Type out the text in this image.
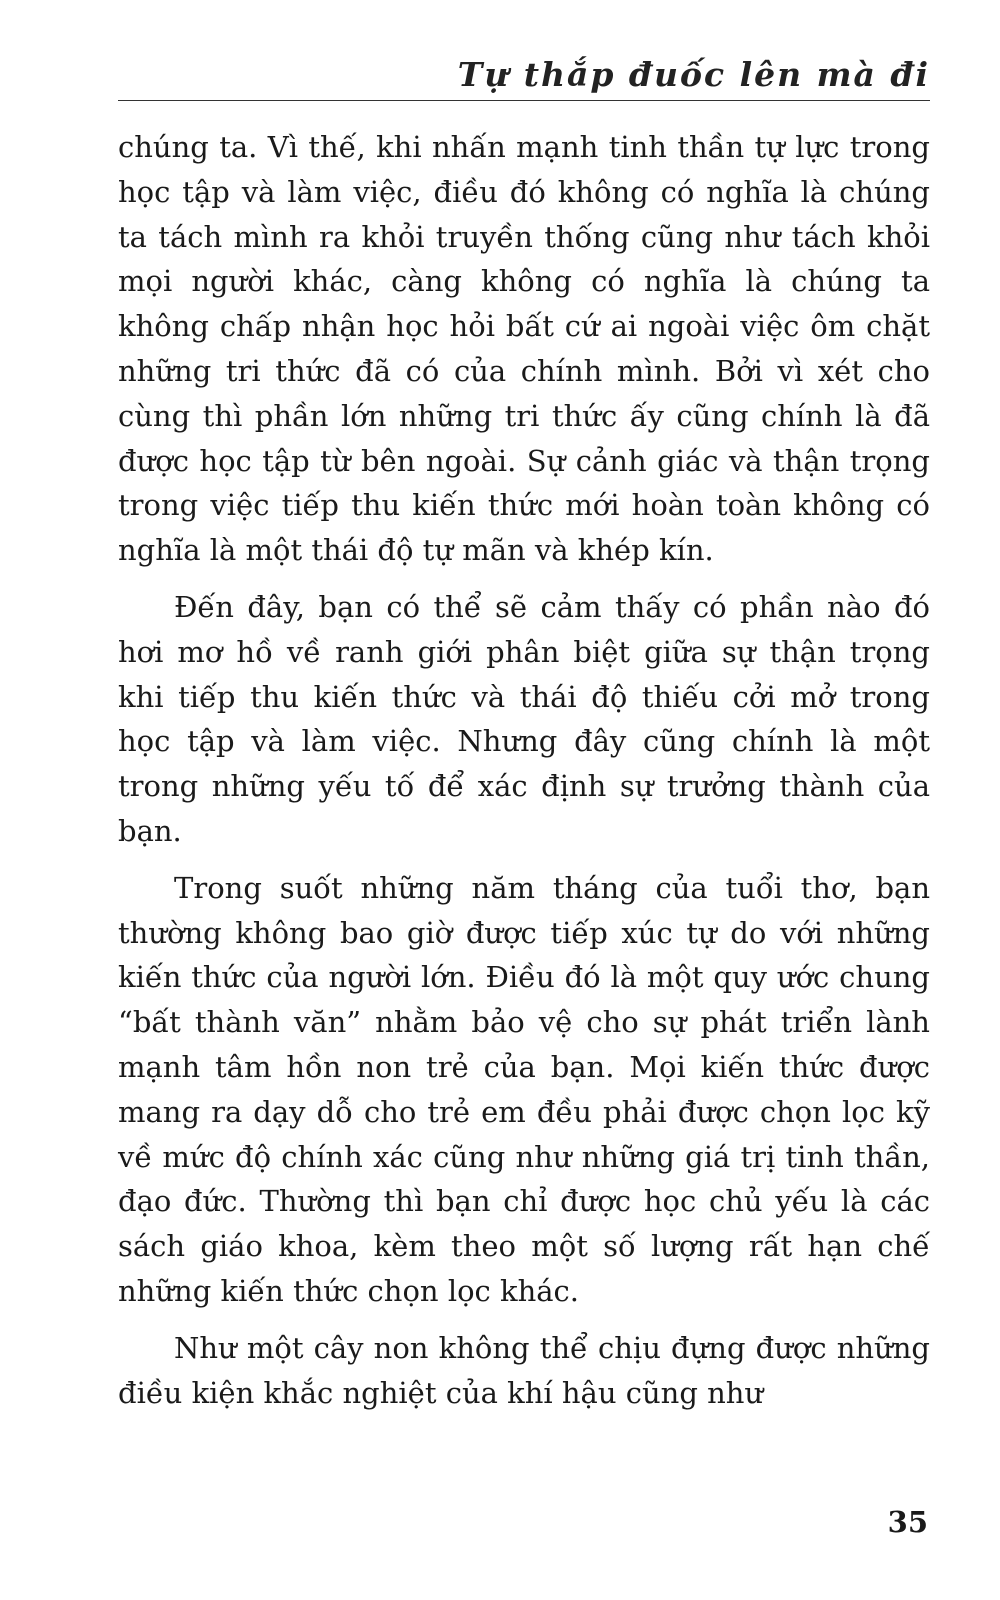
Tự thắp đuốc lên mà đi

chúng ta. Vì thế, khi nhấn mạnh tinh thần tự lực trong học tập và làm việc, điều đó không có nghĩa là chúng ta tách mình ra khỏi truyền thống cũng như tách khỏi mọi người khác, càng không có nghĩa là chúng ta không chấp nhận học hỏi bất cứ ai ngoài việc ôm chặt những tri thức đã có của chính mình. Bởi vì xét cho cùng thì phần lớn những tri thức ấy cũng chính là đã được học tập từ bên ngoài. Sự cảnh giác và thận trọng trong việc tiếp thu kiến thức mới hoàn toàn không có nghĩa là một thái độ tự mãn và khép kín.

Đến đây, bạn có thể sẽ cảm thấy có phần nào đó hơi mơ hồ về ranh giới phân biệt giữa sự thận trọng khi tiếp thu kiến thức và thái độ thiếu cởi mở trong học tập và làm việc. Nhưng đây cũng chính là một trong những yếu tố để xác định sự trưởng thành của bạn.

Trong suốt những năm tháng của tuổi thơ, bạn thường không bao giờ được tiếp xúc tự do với những kiến thức của người lớn. Điều đó là một quy ước chung “bất thành văn” nhằm bảo vệ cho sự phát triển lành mạnh tâm hồn non trẻ của bạn. Mọi kiến thức được mang ra dạy dỗ cho trẻ em đều phải được chọn lọc kỹ về mức độ chính xác cũng như những giá trị tinh thần, đạo đức. Thường thì bạn chỉ được học chủ yếu là các sách giáo khoa, kèm theo một số lượng rất hạn chế những kiến thức chọn lọc khác.

Như một cây non không thể chịu đựng được những điều kiện khắc nghiệt của khí hậu cũng như

35
